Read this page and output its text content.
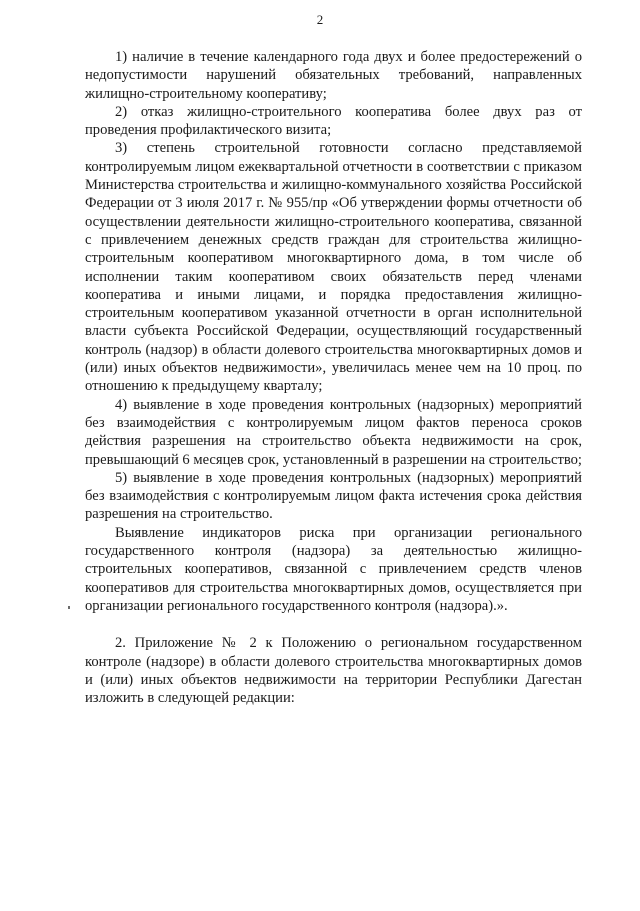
2

1) наличие в течение календарного года двух и более предостережений о недопустимости нарушений обязательных требований, направленных жилищно-строительному кооперативу;

2) отказ жилищно-строительного кооператива более двух раз от проведения профилактического визита;

3) степень строительной готовности согласно представляемой контролируемым лицом ежеквартальной отчетности в соответствии с приказом Министерства строительства и жилищно-коммунального хозяйства Российской Федерации от 3 июля 2017 г. № 955/пр «Об утверждении формы отчетности об осуществлении деятельности жилищно-строительного кооператива, связанной с привлечением денежных средств граждан для строительства жилищно-строительным кооперативом многоквартирного дома, в том числе об исполнении таким кооперативом своих обязательств перед членами кооператива и иными лицами, и порядка предоставления жилищно-строительным кооперативом указанной отчетности в орган исполнительной власти субъекта Российской Федерации, осуществляющий государственный контроль (надзор) в области долевого строительства многоквартирных домов и (или) иных объектов недвижимости», увеличилась менее чем на 10 проц. по отношению к предыдущему кварталу;

4) выявление в ходе проведения контрольных (надзорных) мероприятий без взаимодействия с контролируемым лицом фактов переноса сроков действия разрешения на строительство объекта недвижимости на срок, превышающий 6 месяцев срок, установленный в разрешении на строительство;

5) выявление в ходе проведения контрольных (надзорных) мероприятий без взаимодействия с контролируемым лицом факта истечения срока действия разрешения на строительство.

Выявление индикаторов риска при организации регионального государственного контроля (надзора) за деятельностью жилищно-строительных кооперативов, связанной с привлечением средств членов кооперативов для строительства многоквартирных домов, осуществляется при организации регионального государственного контроля (надзора).».

2. Приложение № 2 к Положению о региональном государственном контроле (надзоре) в области долевого строительства многоквартирных домов и (или) иных объектов недвижимости на территории Республики Дагестан изложить в следующей редакции:
